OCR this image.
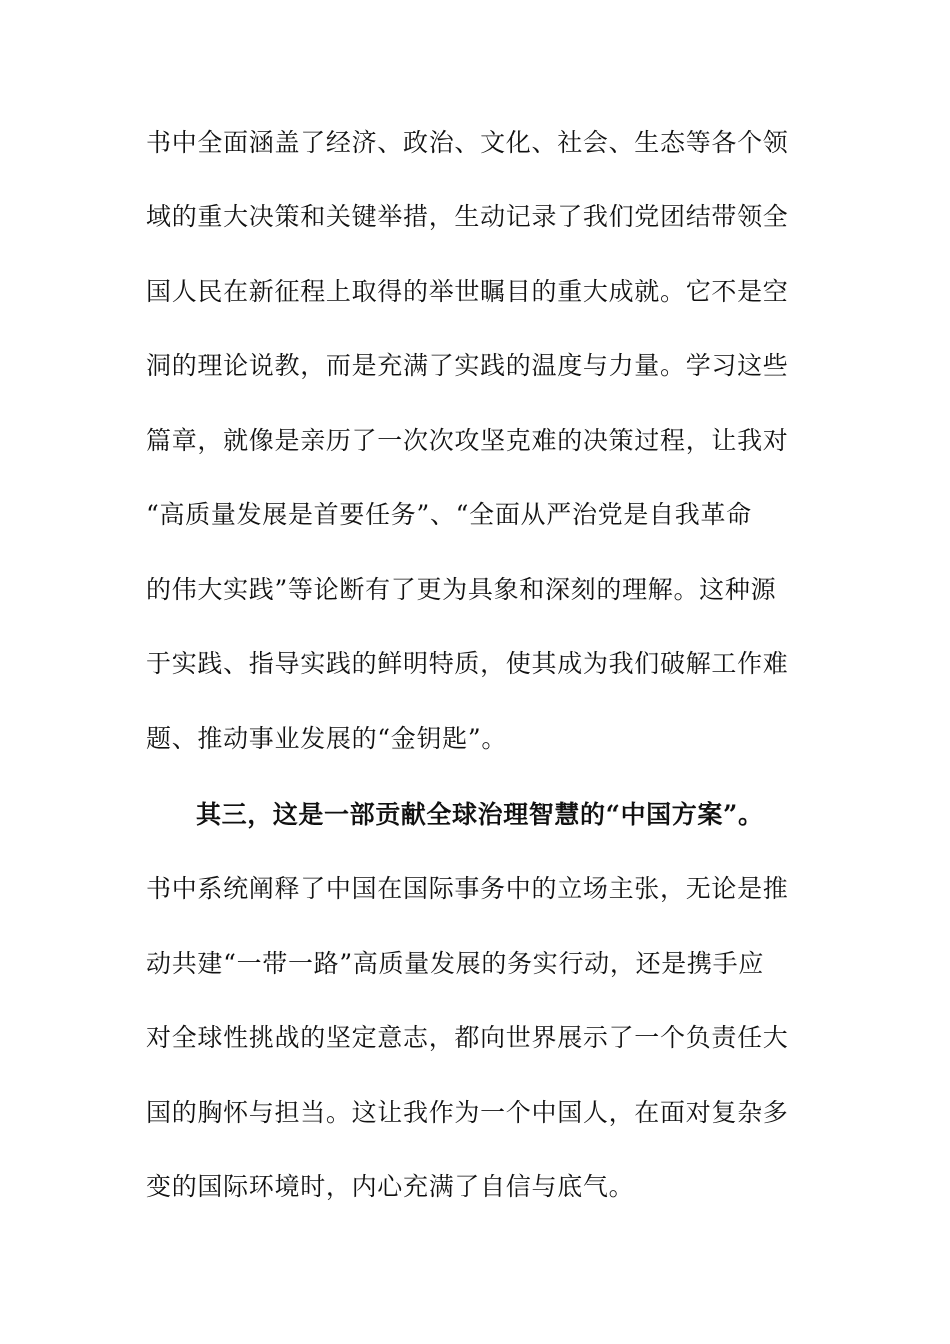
书中全面涵盖了经济、政治、文化、社会、生态等各个领
域的重大决策和关键举措，生动记录了我们党团结带领全
国人民在新征程上取得的举世瞩目的重大成就。它不是空
洞的理论说教，而是充满了实践的温度与力量。学习这些
篇章，就像是亲历了一次次攻坚克难的决策过程，让我对
“高质量发展是首要任务”、“全面从严治党是自我革命
的伟大实践”等论断有了更为具象和深刻的理解。这种源
于实践、指导实践的鲜明特质，使其成为我们破解工作难
题、推动事业发展的“金钥匙”。
其三，这是一部贡献全球治理智慧的“中国方案”。
书中系统阐释了中国在国际事务中的立场主张，无论是推
动共建“一带一路”高质量发展的务实行动，还是携手应
对全球性挑战的坚定意志，都向世界展示了一个负责任大
国的胸怀与担当。这让我作为一个中国人，在面对复杂多
变的国际环境时，内心充满了自信与底气。
